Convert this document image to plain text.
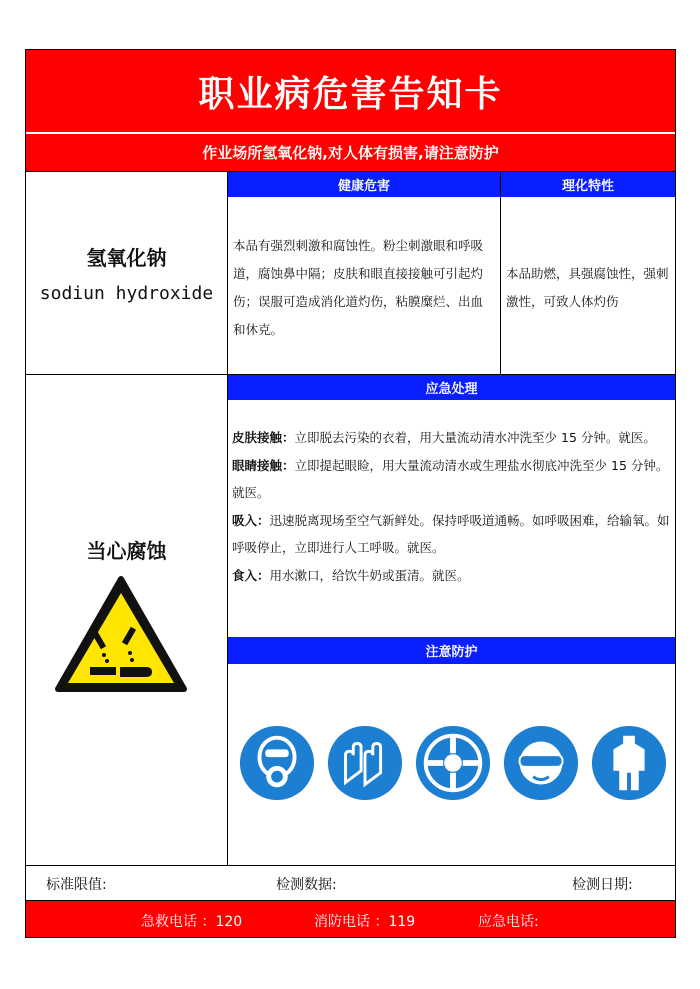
职业病危害告知卡
作业场所氢氧化钠,对人体有损害,请注意防护
氢氧化钠
sodiun hydroxide
健康危害
本品有强烈刺激和腐蚀性。粉尘刺激眼和呼吸道，腐蚀鼻中隔；皮肤和眼直接接触可引起灼伤；误服可造成消化道灼伤，粘膜糜烂、出血和休克。
理化特性
本品助燃，具强腐蚀性，强刺激性，可致人体灼伤
当心腐蚀
应急处理

皮肤接触：立即脱去污染的衣着，用大量流动清水冲洗至少 15 分钟。就医。

眼睛接触：立即提起眼睑，用大量流动清水或生理盐水彻底冲洗至少 15 分钟。就医。

吸入：迅速脱离现场至空气新鲜处。保持呼吸道通畅。如呼吸困难，给输氧。如呼吸停止，立即进行人工呼吸。就医。

食入：用水漱口，给饮牛奶或蛋清。就医。

注意防护
标准限值:	检测数据:	检测日期:
急救电话 ：120	消防电话 ：119	应急电话:
